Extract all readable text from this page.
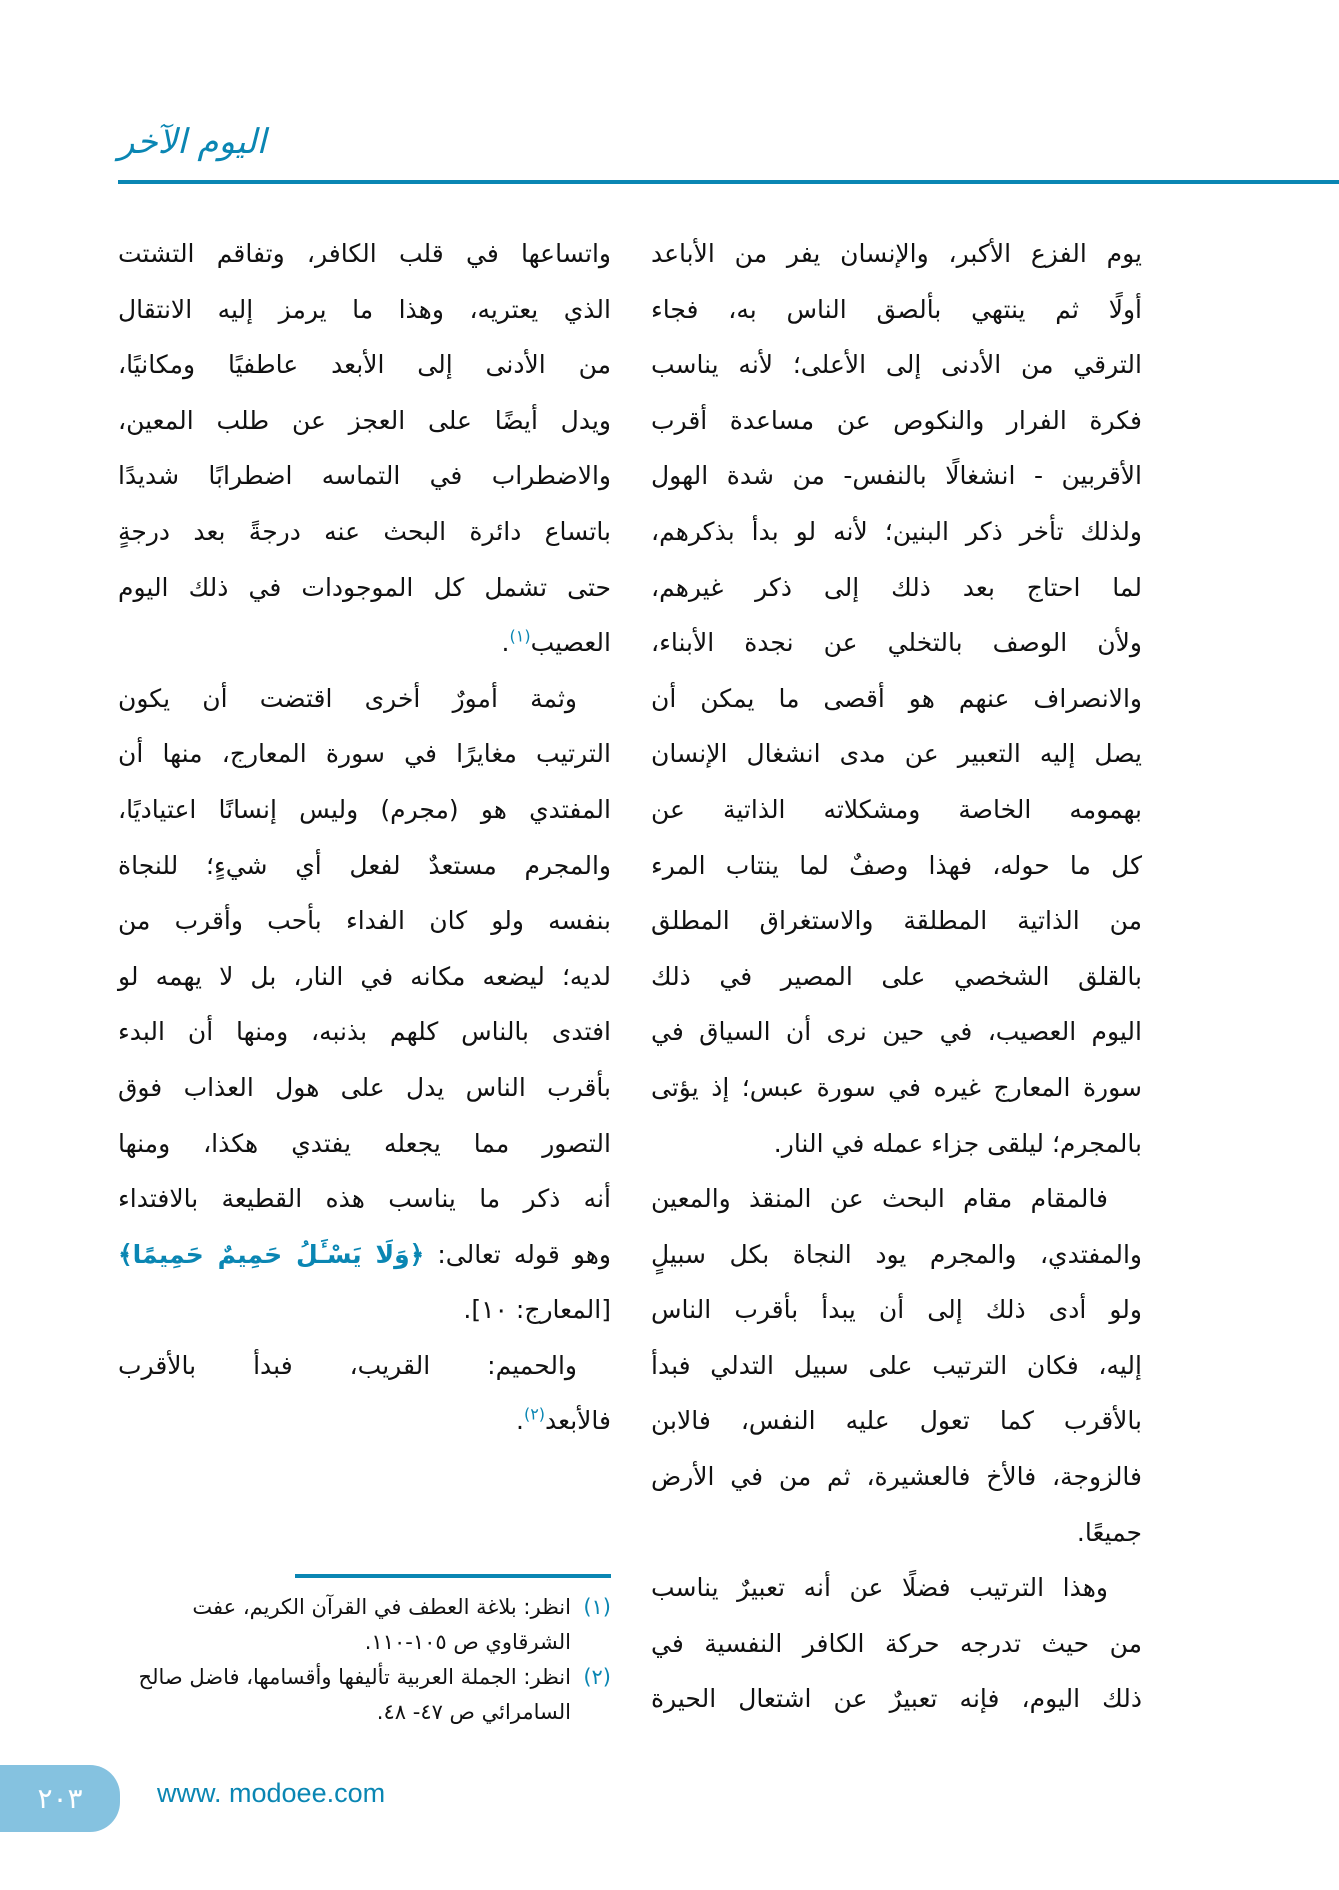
اليوم الآخر
يوم الفزع الأكبر، والإنسان يفر من الأباعد
أولًا ثم ينتهي بألصق الناس به، فجاء
الترقي من الأدنى إلى الأعلى؛ لأنه يناسب
فكرة الفرار والنكوص عن مساعدة أقرب
الأقربين - انشغالًا بالنفس- من شدة الهول
ولذلك تأخر ذكر البنين؛ لأنه لو بدأ بذكرهم،
لما احتاج بعد ذلك إلى ذكر غيرهم،
ولأن الوصف بالتخلي عن نجدة الأبناء،
والانصراف عنهم هو أقصى ما يمكن أن
يصل إليه التعبير عن مدى انشغال الإنسان
بهمومه الخاصة ومشكلاته الذاتية عن
كل ما حوله، فهذا وصفٌ لما ينتاب المرء
من الذاتية المطلقة والاستغراق المطلق
بالقلق الشخصي على المصير في ذلك
اليوم العصيب، في حين نرى أن السياق في
سورة المعارج غيره في سورة عبس؛ إذ يؤتى
بالمجرم؛ ليلقى جزاء عمله في النار.
فالمقام مقام البحث عن المنقذ والمعين
والمفتدي، والمجرم يود النجاة بكل سبيلٍ
ولو أدى ذلك إلى أن يبدأ بأقرب الناس
إليه، فكان الترتيب على سبيل التدلي فبدأ
بالأقرب كما تعول عليه النفس، فالابن
فالزوجة، فالأخ فالعشيرة، ثم من في الأرض
جميعًا.
وهذا الترتيب فضلًا عن أنه تعبيرٌ يناسب
من حيث تدرجه حركة الكافر النفسية في
ذلك اليوم، فإنه تعبيرٌ عن اشتعال الحيرة
واتساعها في قلب الكافر، وتفاقم التشتت
الذي يعتريه، وهذا ما يرمز إليه الانتقال
من الأدنى إلى الأبعد عاطفيًا ومكانيًا،
ويدل أيضًا على العجز عن طلب المعين،
والاضطراب في التماسه اضطرابًا شديدًا
باتساع دائرة البحث عنه درجةً بعد درجةٍ
حتى تشمل كل الموجودات في ذلك اليوم
العصيب$^{(١)}$.
وثمة أمورٌ أخرى اقتضت أن يكون
الترتيب مغايرًا في سورة المعارج، منها أن
المفتدي هو (مجرم) وليس إنسانًا اعتياديًا،
والمجرم مستعدٌ لفعل أي شيءٍ؛ للنجاة
بنفسه ولو كان الفداء بأحب وأقرب من
لديه؛ ليضعه مكانه في النار، بل لا يهمه لو
افتدى بالناس كلهم بذنبه، ومنها أن البدء
بأقرب الناس يدل على هول العذاب فوق
التصور مما يجعله يفتدي هكذا، ومنها
أنه ذكر ما يناسب هذه القطيعة بالافتداء
وهو قوله تعالى: ﴿وَلَا يَسْـَٔلُ حَمِيمٌ حَمِيمًا﴾
[المعارج: ١٠].
والحميم: القريب، فبدأ بالأقرب
فالأبعد$^{(٢)}$.
(١)
انظر: بلاغة العطف في القرآن الكريم، عفت الشرقاوي ص ١٠٥-١١٠.
(٢)
انظر: الجملة العربية تأليفها وأقسامها، فاضل صالح السامرائي ص ٤٧- ٤٨.
٢٠٣	www. modoee.com
